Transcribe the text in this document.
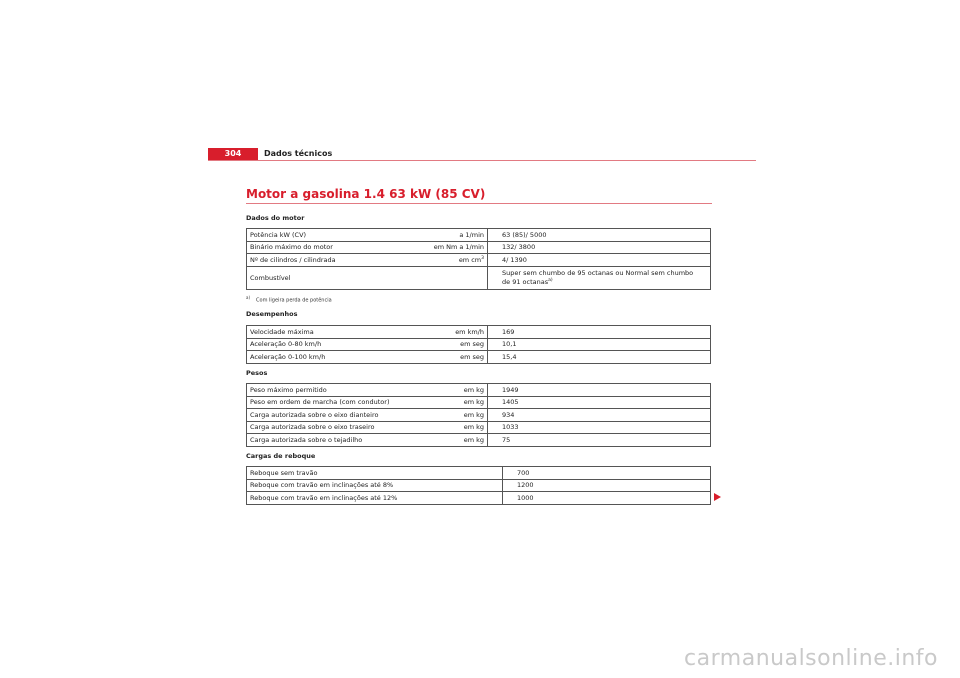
304	Dados técnicos
Motor a gasolina 1.4 63 kW (85 CV)
Dados do motor
Potência kW (CV)	a 1/min	63 (85)/ 5000
Binário máximo do motor	em Nm a 1/min	132/ 3800
Nº de cilindros / cilindrada	em $cm^3$	4/ 1390
Combustível		Super sem chumbo de 95 octanas ou Normal sem chumbo
de 91 octanas$^{a)}$
$^{a)}$Com ligeira perda de potência
Desempenhos
Velocidade máxima	em km/h	169
Aceleração 0-80 km/h	em seg	10,1
Aceleração 0-100 km/h	em seg	15,4
Pesos
Peso máximo permitido	em kg	1949
Peso em ordem de marcha (com condutor)	em kg	1405
Carga autorizada sobre o eixo dianteiro	em kg	934
Carga autorizada sobre o eixo traseiro	em kg	1033
Carga autorizada sobre o tejadilho	em kg	75
Cargas de reboque
Reboque sem travão	700
Reboque com travão em inclinações até 8%	1200
Reboque com travão em inclinações até 12%	1000
carmanualsonline.info
